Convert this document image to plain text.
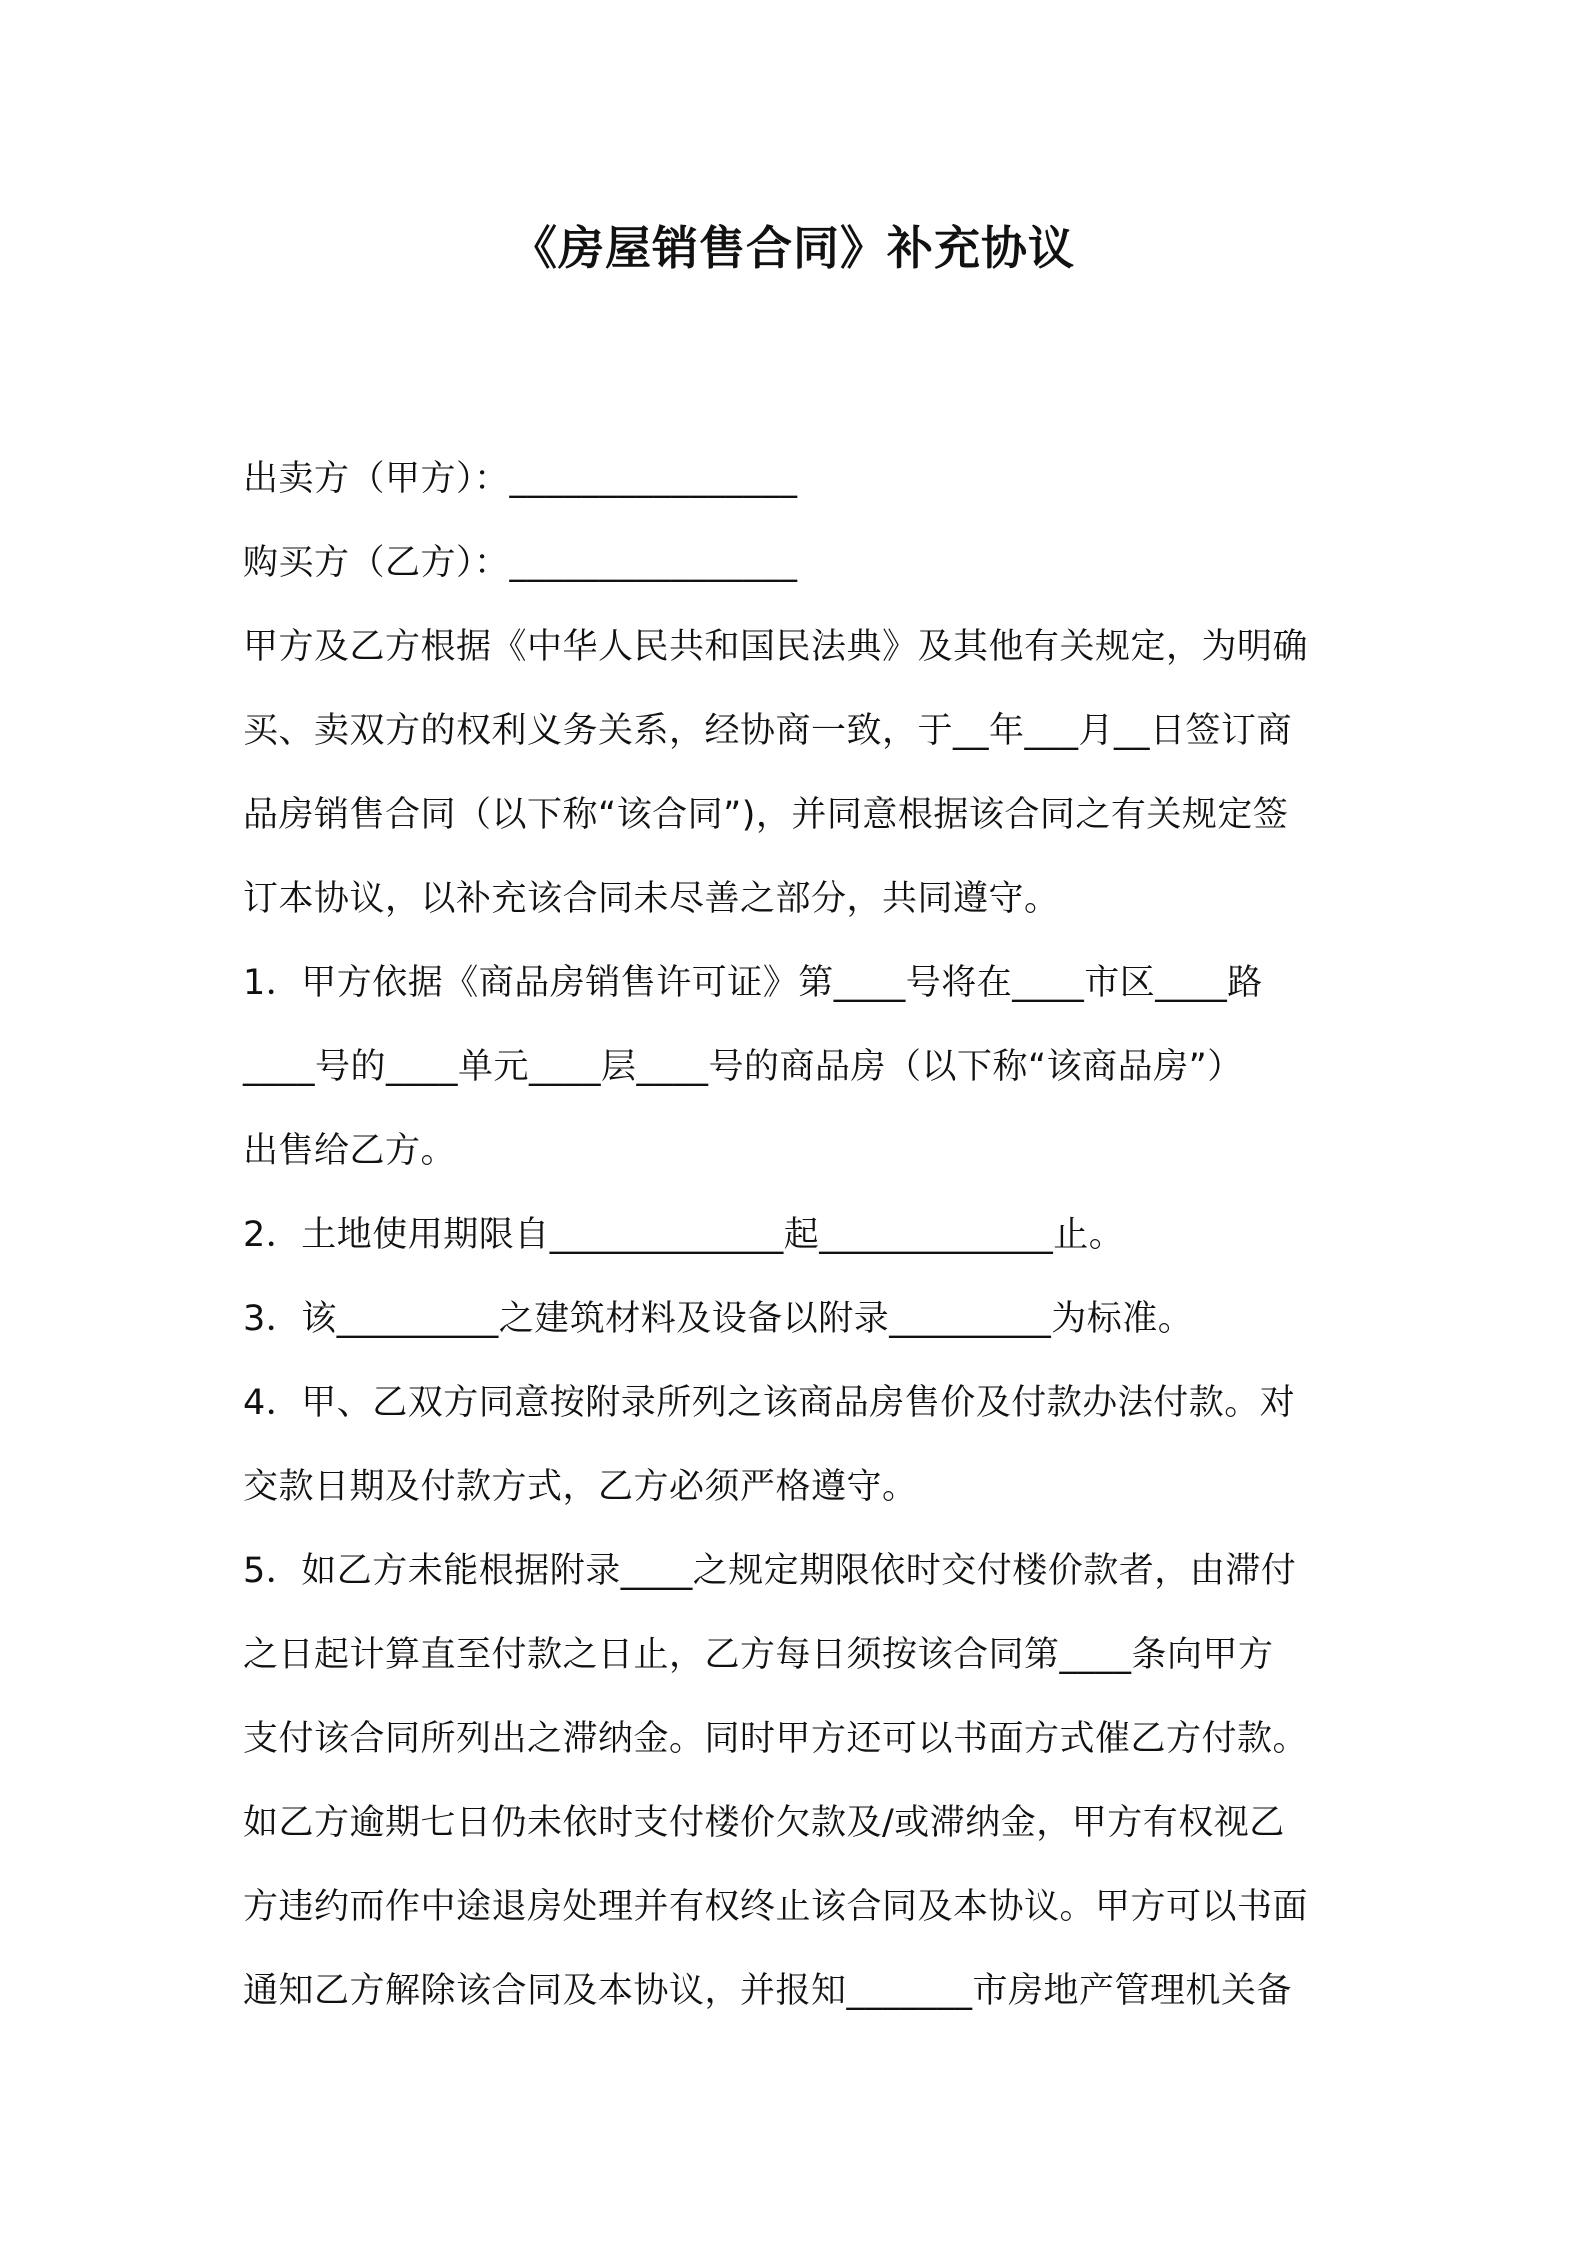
《房屋销售合同》补充协议
出卖方（甲方）：________________
购买方（乙方）：________________
甲方及乙方根据《中华人民共和国民法典》及其他有关规定，为明确
买、卖双方的权利义务关系，经协商一致，于__年___月__日签订商
品房销售合同（以下称“该合同”)，并同意根据该合同之有关规定签
订本协议，以补充该合同未尽善之部分，共同遵守。
1．甲方依据《商品房销售许可证》第____号将在____市区____路
____号的____单元____层____号的商品房（以下称“该商品房”）
出售给乙方。
2．土地使用期限自_____________起_____________止。
3．该_________之建筑材料及设备以附录_________为标准。
4．甲、乙双方同意按附录所列之该商品房售价及付款办法付款。对
交款日期及付款方式，乙方必须严格遵守。
5．如乙方未能根据附录____之规定期限依时交付楼价款者，由滞付
之日起计算直至付款之日止，乙方每日须按该合同第____条向甲方
支付该合同所列出之滞纳金。同时甲方还可以书面方式催乙方付款。
如乙方逾期七日仍未依时支付楼价欠款及/或滞纳金，甲方有权视乙
方违约而作中途退房处理并有权终止该合同及本协议。甲方可以书面
通知乙方解除该合同及本协议，并报知_______市房地产管理机关备
